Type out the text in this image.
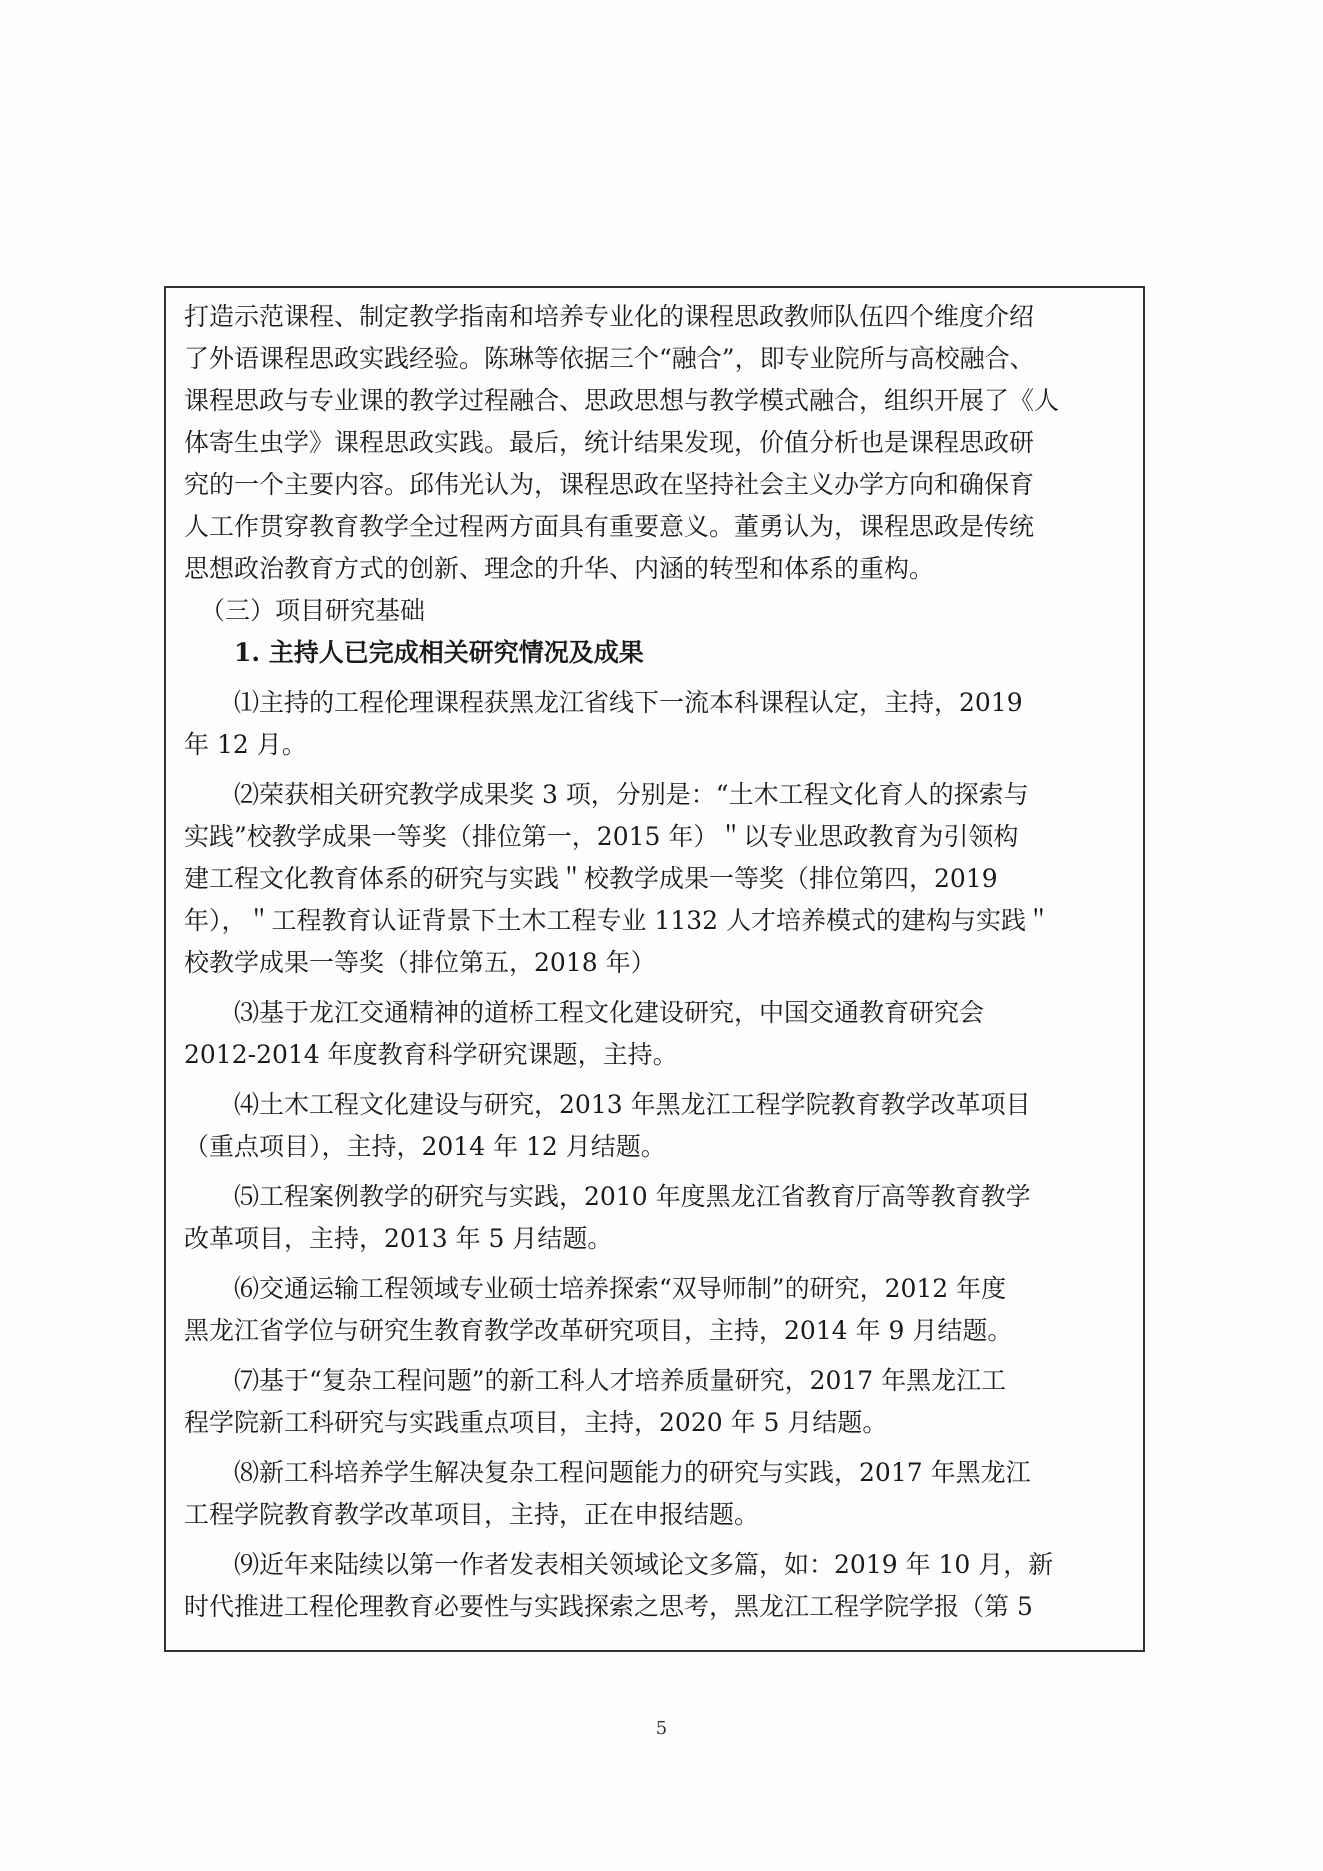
打造示范课程、制定教学指南和培养专业化的课程思政教师队伍四个维度介绍
了外语课程思政实践经验。陈琳等依据三个“融合”，即专业院所与高校融合、
课程思政与专业课的教学过程融合、思政思想与教学模式融合，组织开展了《人
体寄生虫学》课程思政实践。最后，统计结果发现，价值分析也是课程思政研
究的一个主要内容。邱伟光认为，课程思政在坚持社会主义办学方向和确保育
人工作贯穿教育教学全过程两方面具有重要意义。董勇认为，课程思政是传统
思想政治教育方式的创新、理念的升华、内涵的转型和体系的重构。
（三）项目研究基础
1. 主持人已完成相关研究情况及成果
⑴主持的工程伦理课程获黑龙江省线下一流本科课程认定，主持，2019
年 12 月。
⑵荣获相关研究教学成果奖 3 项，分别是：“土木工程文化育人的探索与
实践”校教学成果一等奖（排位第一，2015 年）＂以专业思政教育为引领构
建工程文化教育体系的研究与实践＂校教学成果一等奖（排位第四，2019
年），＂工程教育认证背景下土木工程专业 1132 人才培养模式的建构与实践＂
校教学成果一等奖（排位第五，2018 年）
⑶基于龙江交通精神的道桥工程文化建设研究，中国交通教育研究会
2012-2014 年度教育科学研究课题，主持。
⑷土木工程文化建设与研究，2013 年黑龙江工程学院教育教学改革项目
（重点项目），主持，2014 年 12 月结题。
⑸工程案例教学的研究与实践，2010 年度黑龙江省教育厅高等教育教学
改革项目，主持，2013 年 5 月结题。
⑹交通运输工程领域专业硕士培养探索“双导师制”的研究，2012 年度
黑龙江省学位与研究生教育教学改革研究项目，主持，2014 年 9 月结题。
⑺基于“复杂工程问题”的新工科人才培养质量研究，2017 年黑龙江工
程学院新工科研究与实践重点项目，主持，2020 年 5 月结题。
⑻新工科培养学生解决复杂工程问题能力的研究与实践，2017 年黑龙江
工程学院教育教学改革项目，主持，正在申报结题。
⑼近年来陆续以第一作者发表相关领域论文多篇，如：2019 年 10 月，新
时代推进工程伦理教育必要性与实践探索之思考，黑龙江工程学院学报（第 5
5
